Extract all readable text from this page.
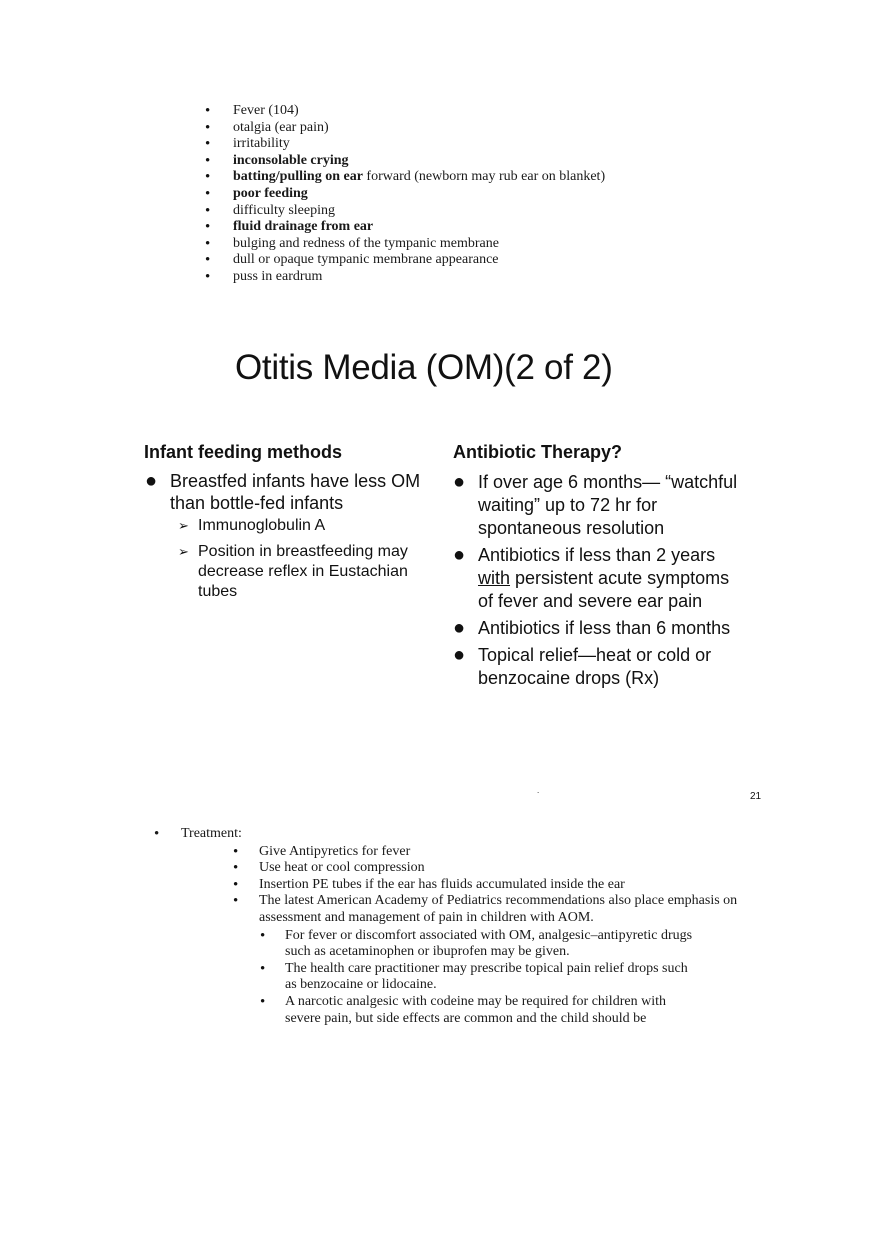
• Fever (104)
• otalgia (ear pain)
• irritability
• inconsolable crying
• batting/pulling on ear forward (newborn may rub ear on blanket)
• poor feeding
• difficulty sleeping
• fluid drainage from ear
• bulging and redness of the tympanic membrane
• dull or opaque tympanic membrane appearance
• puss in eardrum
Otitis Media (OM)(2 of 2)
Infant feeding methods	Antibiotic Therapy?
● Breastfed infants have less OM than bottle-fed infants
➢ Immunoglobulin A
➢ Position in breastfeeding may decrease reflex in Eustachian tubes
● If over age 6 months— “watchful waiting” up to 72 hr for spontaneous resolution
● Antibiotics if less than 2 years with persistent acute symptoms of fever and severe ear pain
● Antibiotics if less than 6 months
● Topical relief—heat or cold or benzocaine drops (Rx)
.
21
• Treatment:
• Give Antipyretics for fever
• Use heat or cool compression
• Insertion PE tubes if the ear has fluids accumulated inside the ear
• The latest American Academy of Pediatrics recommendations also place emphasis on assessment and management of pain in children with AOM.
• For fever or discomfort associated with OM, analgesic–antipyretic drugs such as acetaminophen or ibuprofen may be given.
• The health care practitioner may prescribe topical pain relief drops such as benzocaine or lidocaine.
• A narcotic analgesic with codeine may be required for children with severe pain, but side effects are common and the child should be
